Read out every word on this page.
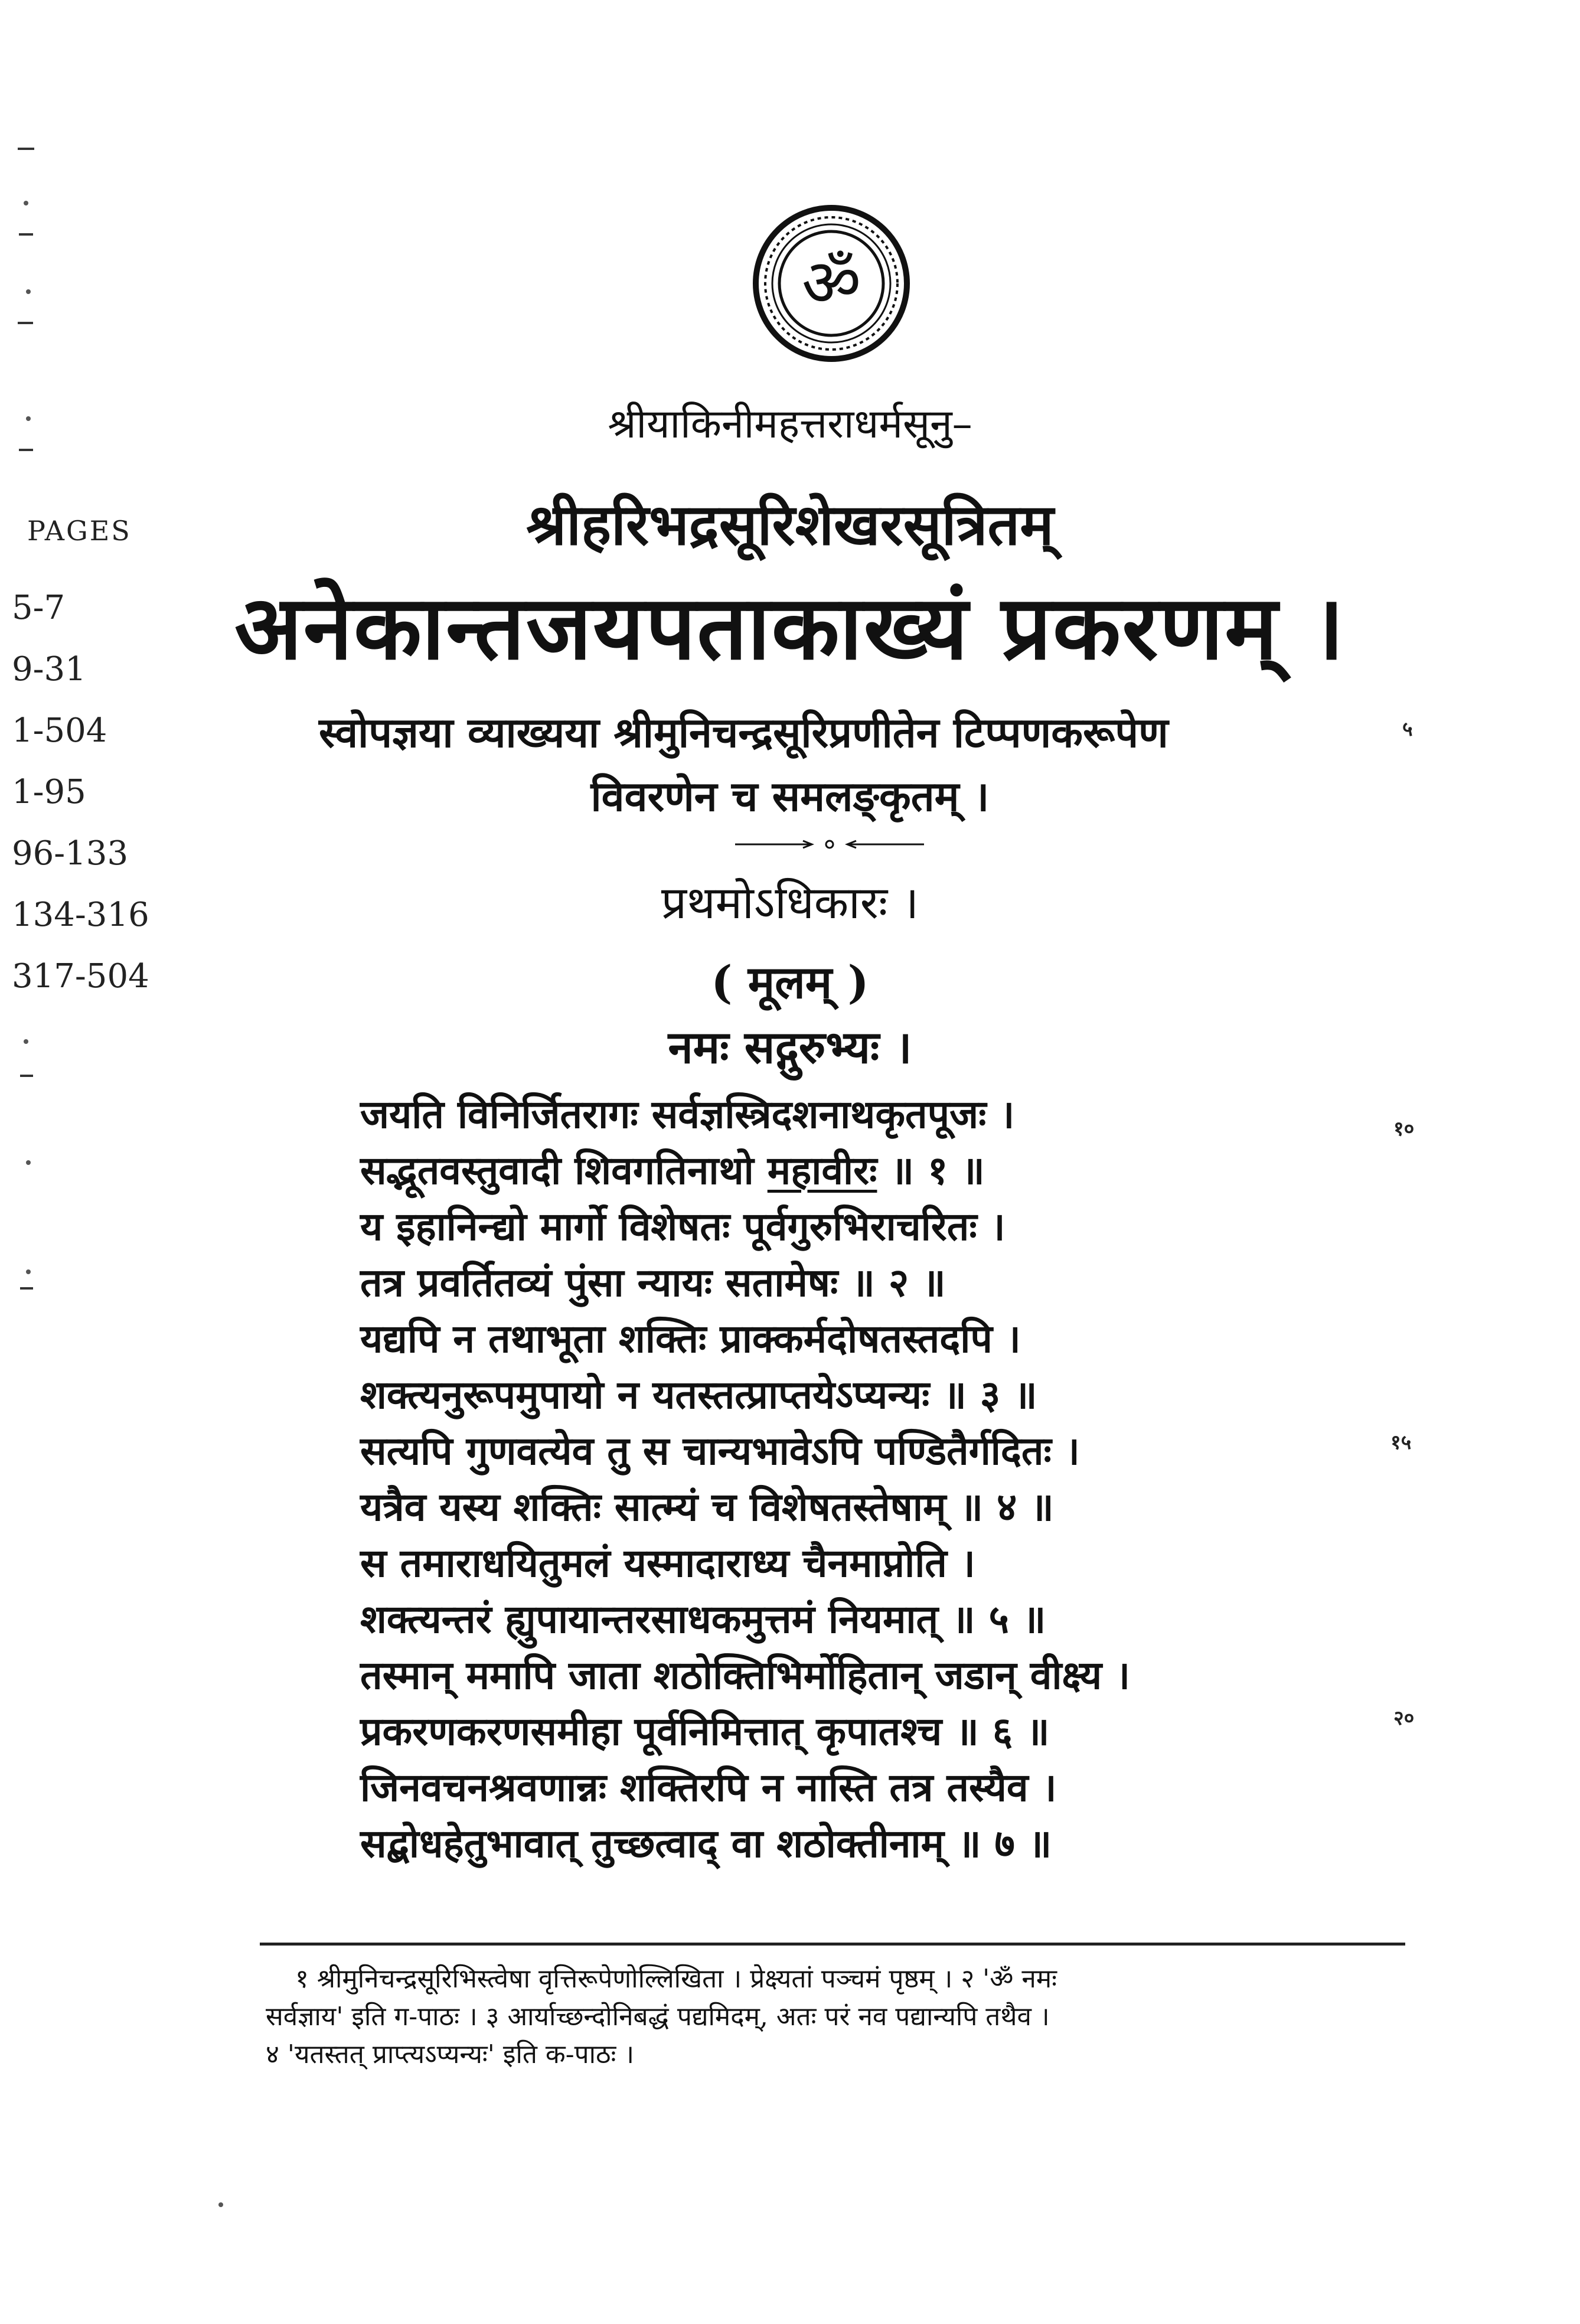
ॐ
श्रीयाकिनीमहत्तराधर्मसूनु–
श्रीहरिभद्रसूरिशेखरसूत्रितम्
अनेकान्तजयपताकाख्यं प्रकरणम् ।
स्वोपज्ञया व्याख्यया श्रीमुनिचन्द्रसूरिप्रणीतेन टिप्पणकरूपेण
विवरणेन च समलङ्कृतम् ।
प्रथमोऽधिकारः ।
( मूलम् )
नमः सद्गुरुभ्यः ।
जयति विनिर्जितरागः सर्वज्ञस्त्रिदशनाथकृतपूजः ।
सद्भूतवस्तुवादी शिवगतिनाथो महावीरः ॥ १ ॥
य इहानिन्द्यो मार्गो विशेषतः पूर्वगुरुभिराचरितः ।
तत्र प्रवर्तितव्यं पुंसा न्यायः सतामेषः ॥ २ ॥
यद्यपि न तथाभूता शक्तिः प्राक्कर्मदोषतस्तदपि ।
शक्त्यनुरूपमुपायो न यतस्तत्प्राप्तयेऽप्यन्यः ॥ ३ ॥
सत्यपि गुणवत्येव तु स चान्यभावेऽपि पण्डितैर्गदितः ।
यत्रैव यस्य शक्तिः सात्म्यं च विशेषतस्तेषाम् ॥ ४ ॥
स तमाराधयितुमलं यस्मादाराध्य चैनमाप्नोति ।
शक्त्यन्तरं ह्युपायान्तरसाधकमुत्तमं नियमात् ॥ ५ ॥
तस्मान् ममापि जाता शठोक्तिभिर्मोहितान् जडान् वीक्ष्य ।
प्रकरणकरणसमीहा पूर्वनिमित्तात् कृपातश्च ॥ ६ ॥
जिनवचनश्रवणान्नः शक्तिरपि न नास्ति तत्र तस्यैव ।
सद्बोधहेतुभावात् तुच्छत्वाद् वा शठोक्तीनाम् ॥ ७ ॥
५
१०
१५
२०
PAGES
5-7
9-31
1-504
1-95
96-133
134-316
317-504
१ श्रीमुनिचन्द्रसूरिभिस्त्वेषा वृत्तिरूपेणोल्लिखिता । प्रेक्ष्यतां पञ्चमं पृष्ठम् । २ 'ॐ नमः
सर्वज्ञाय' इति ग-पाठः । ३ आर्याच्छन्दोनिबद्धं पद्यमिदम्, अतः परं नव पद्यान्यपि तथैव ।
४ 'यतस्तत् प्राप्त्यऽप्यन्यः' इति क-पाठः ।
